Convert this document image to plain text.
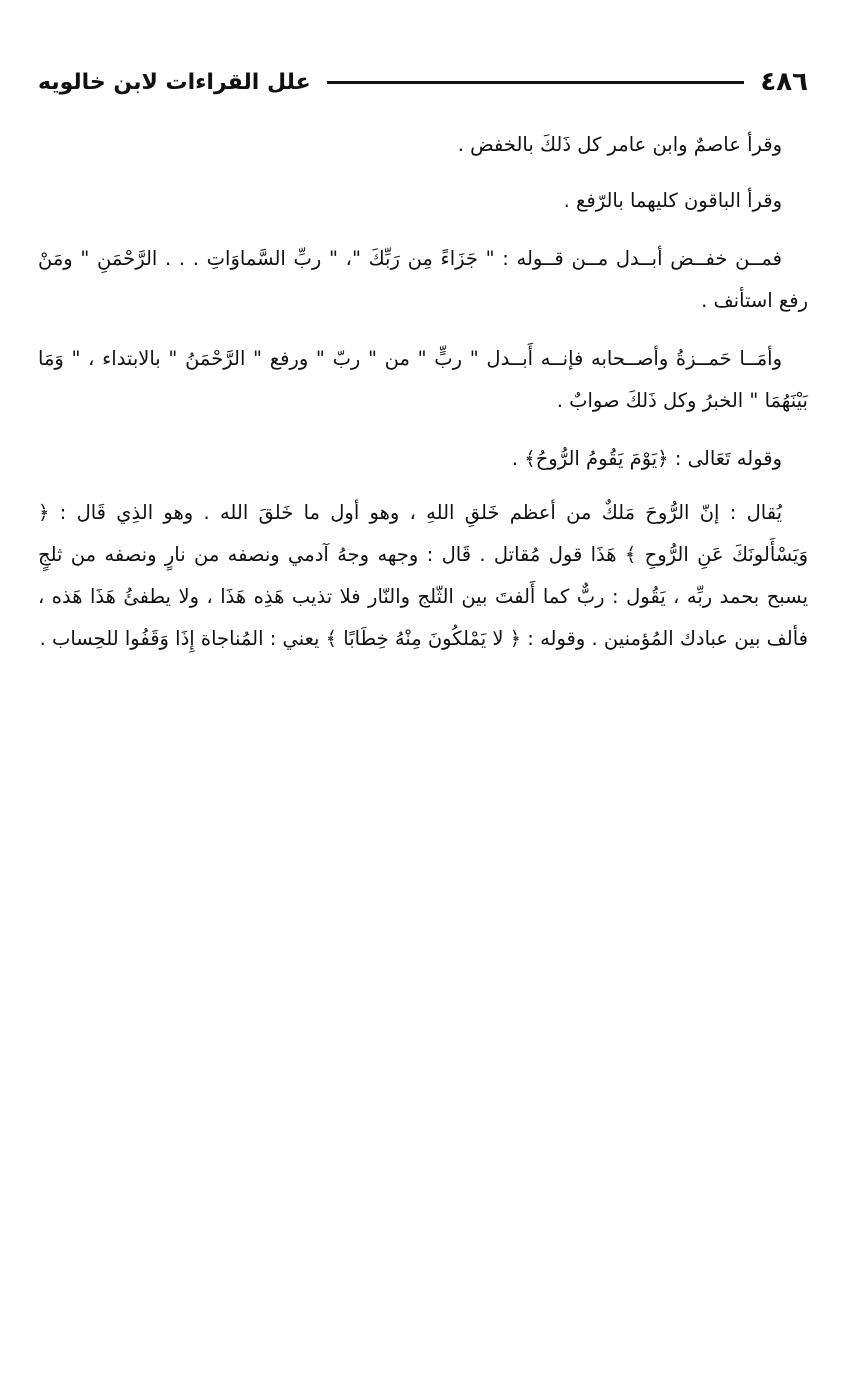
٤٨٦
علل القراءات لابن خالويه

وقرأ عاصمٌ وابن عامر كل ذَلكَ بالخفض .

وقرأ الباقون كليهما بالرّفع .

فمــن خفــض أبــدل مــن قــوله : " جَزَاءً مِن رَبِّكَ "، " ربِّ السَّماوَاتِ . . . الرَّحْمَنِ " ومَنْ رفع استأنف .

وأمَــا حَمــزةُ وأصــحابه فإنــه أَبــدل " ربٍّ " من " ربّ " ورفع " الرَّحْمَنُ " بالابتداء ، " وَمَا بَيْنَهُمَا " الخبرُ وكل ذَلكَ صوابٌ .

وقوله تَعَالى : ﴿يَوْمَ يَقُومُ الرُّوحُ﴾ .

يُقال : إنّ الرُّوحَ مَلكٌ من أعظم خَلقِ اللهِ ، وهو أول ما خَلقَ الله . وهو الذِي قَال : ﴿ وَيَسْأَلونَكَ عَنِ الرُّوحِ ﴾ هَذَا قول مُقاتل . قَال : وجهه وجهُ آدمي ونصفه من نارٍ ونصفه من ثلجٍ يسبح بحمد ربِّه ، يَقُول : ربٌّ كما أَلفتَ بين الثّلج والنّار فلا تذيب هَذِه هَذَا ، ولا يطفئُ هَذَا هَذه ، فألف بين عبادك المُؤمنين . وقوله : ﴿ لا يَمْلكُونَ مِنْهُ خِطَابًا ﴾ يعني : المُناجاة إِذَا وَقَفُوا للحِساب .
